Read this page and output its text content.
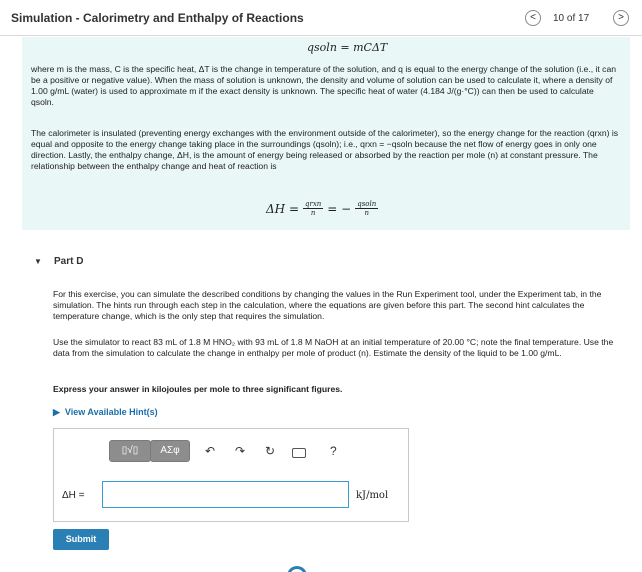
Simulation - Calorimetry and Enthalpy of Reactions	<	10 of 17	>
qsoln = mCΔT
where m is the mass, C is the specific heat, ΔT is the change in temperature of the solution, and q is equal to the energy change of the solution (i.e., it can be a positive or negative value). When the mass of solution is unknown, the density and volume of solution can be used to calculate it, where a density of 1.00 g/mL (water) is used to approximate m if the exact density is unknown. The specific heat of water (4.184 J/(g·°C)) can then be used to calculate qsoln.
The calorimeter is insulated (preventing energy exchanges with the environment outside of the calorimeter), so the energy change for the reaction (qrxn) is equal and opposite to the energy change taking place in the surroundings (qsoln); i.e., qrxn = −qsoln because the net flow of energy goes in only one direction. Lastly, the enthalpy change, ΔH, is the amount of energy being released or absorbed by the reaction per mole (n) at constant pressure. The relationship between the enthalpy change and heat of reaction is
$\Delta H = \frac{\text{qrxn}}{n}$ = − $\frac{\text{qsoln}}{n}$
▼ Part D
For this exercise, you can simulate the described conditions by changing the values in the Run Experiment tool, under the Experiment tab, in the simulation. The hints run through each step in the calculation, where the equations are given before this part. The second hint calculates the temperature change, which is the only step that requires the simulation.
Use the simulator to react 83 mL of 1.8 M HNO₂ with 93 mL of 1.8 M NaOH at an initial temperature of 20.00 °C; note the final temperature. Use the data from the simulation to calculate the change in enthalpy per mole of product (n). Estimate the density of the liquid to be 1.00 g/mL.
Express your answer in kilojoules per mole to three significant figures.
▶ View Available Hint(s)
▯√▯	ΑΣφ	↶ ↷ ↻	?
ΔH =	kJ/mol
Submit
